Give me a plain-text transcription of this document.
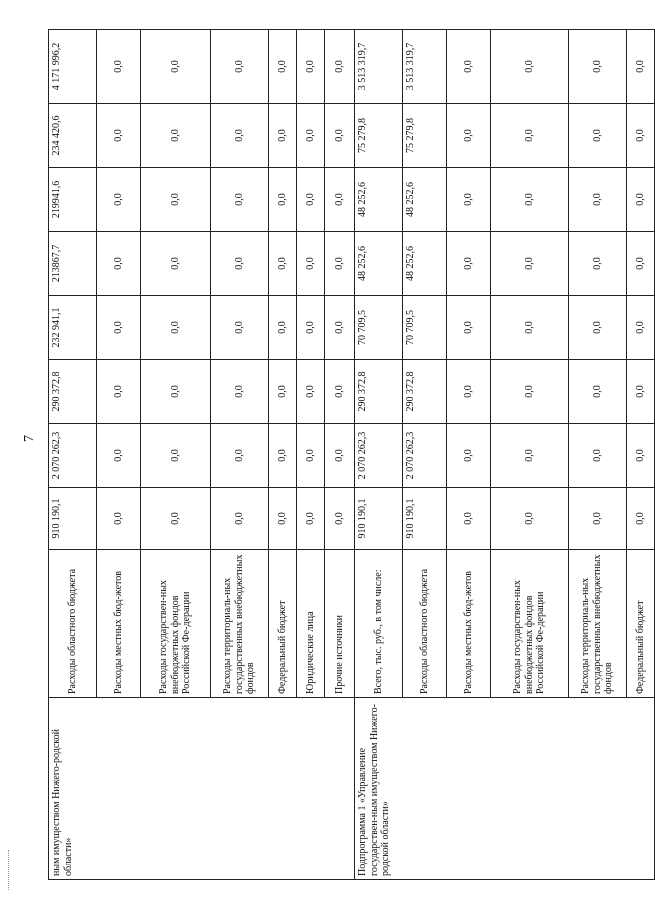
7
ным имуществом Нижего-родской области»	Расходы областного бюджета	910 190,1	2 070 262,3	290 372,8	232 941,1	213867,7	219941,6	234 420,6	4 171 996,2
	Расходы местных бюд-жетов	0,0	0,0	0,0	0,0	0,0	0,0	0,0	0,0
	Расходы государствен-ных внебюджетных фондов Российской Фе-дерации	0,0	0,0	0,0	0,0	0,0	0,0	0,0	0,0
	Расходы территориаль-ных государственных внебюджетных фондов	0,0	0,0	0,0	0,0	0,0	0,0	0,0	0,0
	Федеральный бюджет	0,0	0,0	0,0	0,0	0,0	0,0	0,0	0,0
	Юридические лица	0,0	0,0	0,0	0,0	0,0	0,0	0,0	0,0
	Прочие источники	0,0	0,0	0,0	0,0	0,0	0,0	0,0	0,0
Подпрограмма 1 «Управление государствен-ным имуществом Нижего-родской области»	Всего, тыс. руб., в том числе:	910 190,1	2 070 262,3	290 372,8	70 709,5	48 252,6	48 252,6	75 279,8	3 513 319,7
	Расходы областного бюджета	910 190,1	2 070 262,3	290 372,8	70 709,5	48 252,6	48 252,6	75 279,8	3 513 319,7
	Расходы местных бюд-жетов	0,0	0,0	0,0	0,0	0,0	0,0	0,0	0,0
	Расходы государствен-ных внебюджетных фондов Российской Фе-дерации	0,0	0,0	0,0	0,0	0,0	0,0	0,0	0,0
	Расходы территориаль-ных государственных внебюджетных фондов	0,0	0,0	0,0	0,0	0,0	0,0	0,0	0,0
	Федеральный бюджет	0,0	0,0	0,0	0,0	0,0	0,0	0,0	0,0
